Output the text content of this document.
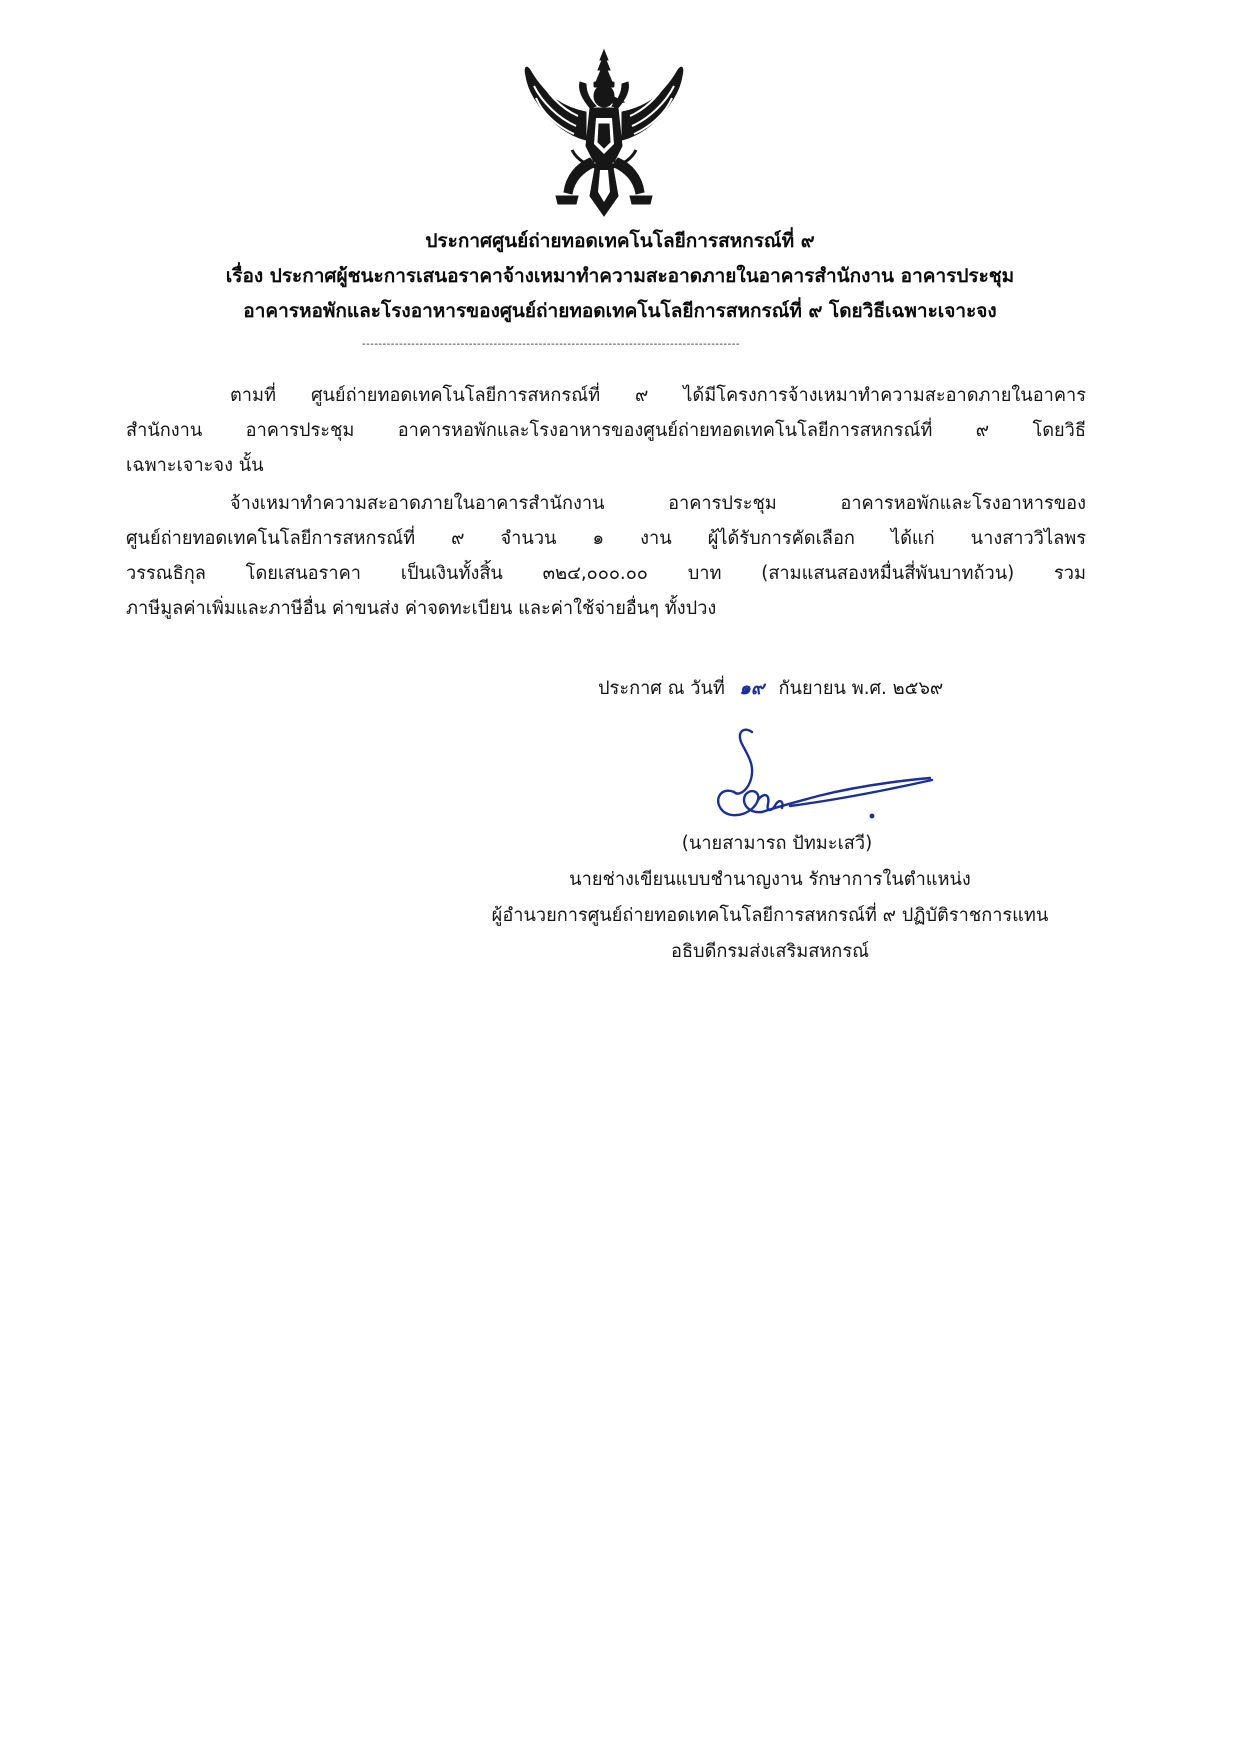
ประกาศศูนย์ถ่ายทอดเทคโนโลยีการสหกรณ์ที่ ๙
เรื่อง ประกาศผู้ชนะการเสนอราคาจ้างเหมาทำความสะอาดภายในอาคารสำนักงาน อาคารประชุม
อาคารหอพักและโรงอาหารของศูนย์ถ่ายทอดเทคโนโลยีการสหกรณ์ที่ ๙ โดยวิธีเฉพาะเจาะจง
--------------------------------------------------------------------------------------------
ตามที่ ศูนย์ถ่ายทอดเทคโนโลยีการสหกรณ์ที่ ๙ ได้มีโครงการจ้างเหมาทำความสะอาดภายในอาคาร
สำนักงาน อาคารประชุม อาคารหอพักและโรงอาหารของศูนย์ถ่ายทอดเทคโนโลยีการสหกรณ์ที่ ๙ โดยวิธี
เฉพาะเจาะจง นั้น
จ้างเหมาทำความสะอาดภายในอาคารสำนักงาน อาคารประชุม อาคารหอพักและโรงอาหารของ
ศูนย์ถ่ายทอดเทคโนโลยีการสหกรณ์ที่ ๙ จำนวน ๑ งาน ผู้ได้รับการคัดเลือก ได้แก่ นางสาววิไลพร
วรรณธิกุล โดยเสนอราคา เป็นเงินทั้งสิ้น ๓๒๔,๐๐๐.๐๐ บาท (สามแสนสองหมื่นสี่พันบาทถ้วน) รวม
ภาษีมูลค่าเพิ่มและภาษีอื่น ค่าขนส่ง ค่าจดทะเบียน และค่าใช้จ่ายอื่นๆ ทั้งปวง
ประกาศ ณ วันที่ ๑๙ กันยายน พ.ศ. ๒๕๖๙
(นายสามารถ ปัทมะเสวี)
นายช่างเขียนแบบชำนาญงาน รักษาการในตำแหน่ง
ผู้อำนวยการศูนย์ถ่ายทอดเทคโนโลยีการสหกรณ์ที่ ๙ ปฏิบัติราชการแทน
อธิบดีกรมส่งเสริมสหกรณ์
